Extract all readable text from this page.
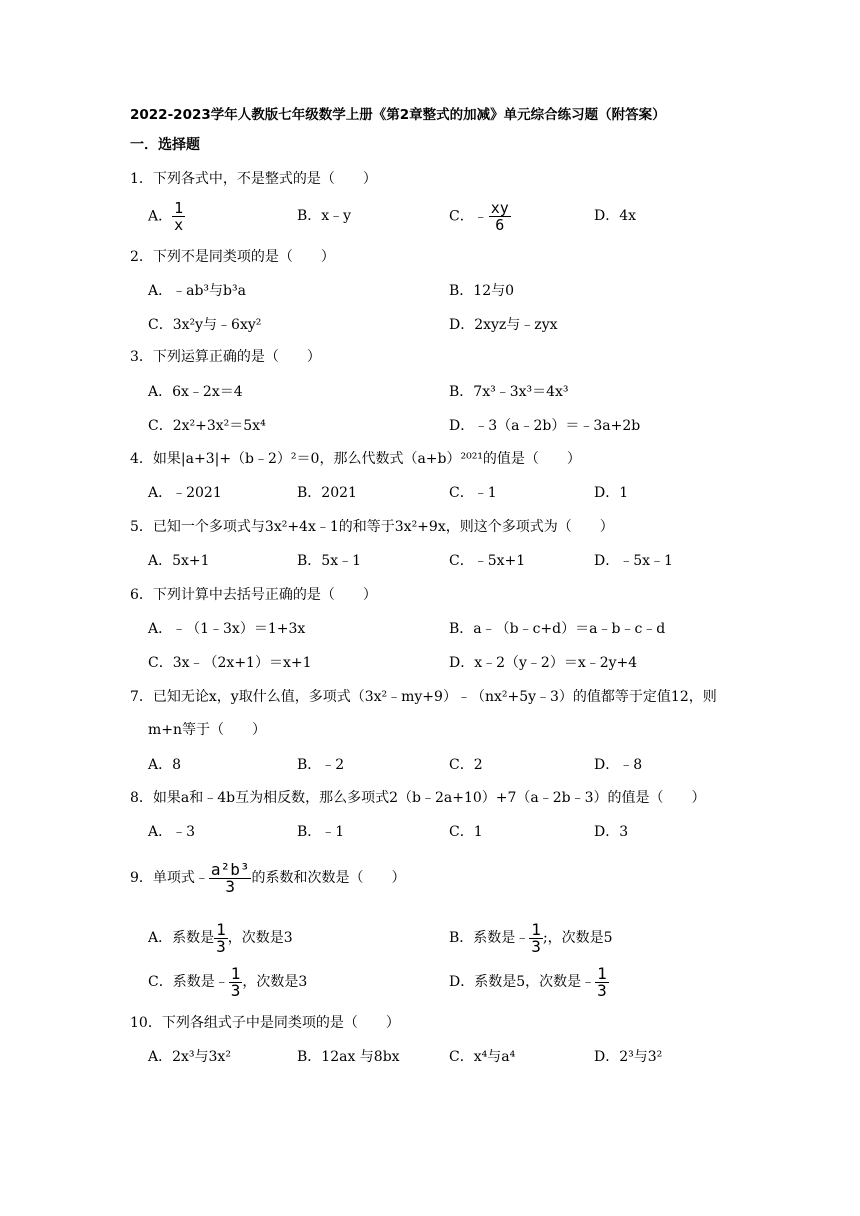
2022-2023学年人教版七年级数学上册《第2章整式的加减》单元综合练习题（附答案）
一．选择题
1．下列各式中，不是整式的是（　　）
A． $\frac{1}{x}$	B．x﹣y	C．﹣ $\frac{xy}{6}$	D．4x
2．下列不是同类项的是（　　）
A．﹣ab³与b³a	B．12与0
C．3x²y与﹣6xy²	D．2xyz与﹣zyx
3．下列运算正确的是（　　）
A．6x﹣2x＝4	B．7x³﹣3x³＝4x³
C．2x²+3x²＝5x⁴	D．﹣3（a﹣2b）＝﹣3a+2b
4．如果|a+3|+（b﹣2）²＝0，那么代数式（a+b）²⁰²¹的值是（　　）
A．﹣2021	B．2021	C．﹣1	D．1
5．已知一个多项式与3x²+4x﹣1的和等于3x²+9x，则这个多项式为（　　）
A．5x+1	B．5x﹣1	C．﹣5x+1	D．﹣5x﹣1
6．下列计算中去括号正确的是（　　）
A．﹣（1﹣3x）＝1+3x	B．a﹣（b﹣c+d）＝a﹣b﹣c﹣d
C．3x﹣（2x+1）＝x+1	D．x﹣2（y﹣2）＝x﹣2y+4
7．已知无论x，y取什么值，多项式（3x²﹣my+9）﹣（nx²+5y﹣3）的值都等于定值12，则
m+n等于（　　）
A．8	B．﹣2	C．2	D．﹣8
8．如果a和﹣4b互为相反数，那么多项式2（b﹣2a+10）+7（a﹣2b﹣3）的值是（　　）
A．﹣3	B．﹣1	C．1	D．3
9．单项式﹣ $\frac{\text{a²b³}}{3}$ 的系数和次数是（　　）
A．系数是 $\frac{1}{3}$ ，次数是3	B．系数是﹣ $\frac{1}{3}$ ;，次数是5
C．系数是﹣ $\frac{1}{3}$ ，次数是3	D．系数是5，次数是﹣ $\frac{1}{3}$
10．下列各组式子中是同类项的是（　　）
A．2x³与3x²	B．12ax 与8bx	C．x⁴与a⁴	D．2³与3²
